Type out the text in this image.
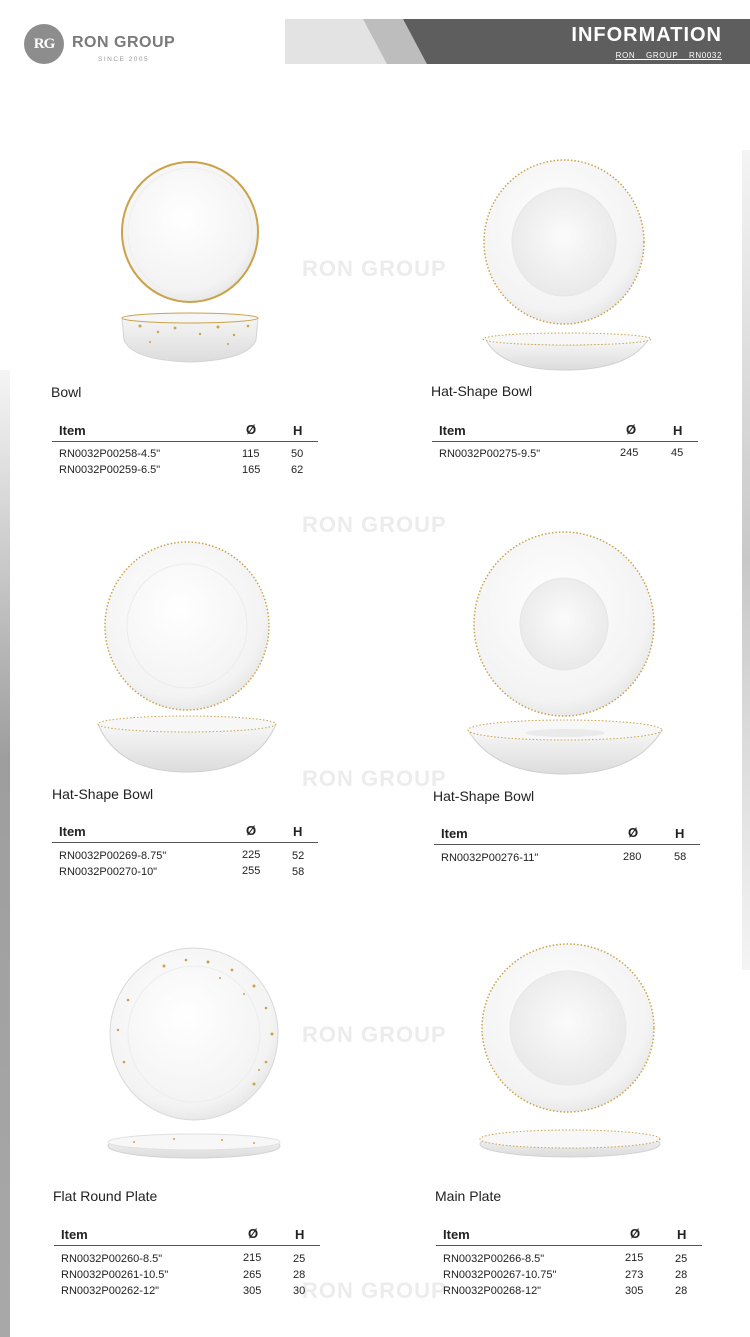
RG	RON GROUP
SINCE 2005
INFORMATION
RON GROUP RN0032
RON GROUP
RON GROUP
RON GROUP
RON GROUP
RON GROUP
Bowl
Item	Ø	H
RN0032P00258-4.5"	115	50
RN0032P00259-6.5"	165	62
Hat-Shape Bowl
Item	Ø	H
RN0032P00275-9.5"	245	45
Hat-Shape Bowl
Item	Ø	H
RN0032P00269-8.75"	225	52
RN0032P00270-10"	255	58
Hat-Shape Bowl
Item	Ø	H
RN0032P00276-11"	280	58
Flat Round Plate
Item	Ø	H
RN0032P00260-8.5"	215	25
RN0032P00261-10.5"	265	28
RN0032P00262-12"	305	30
Main Plate
Item	Ø	H
RN0032P00266-8.5"	215	25
RN0032P00267-10.75"	273	28
RN0032P00268-12"	305	28
